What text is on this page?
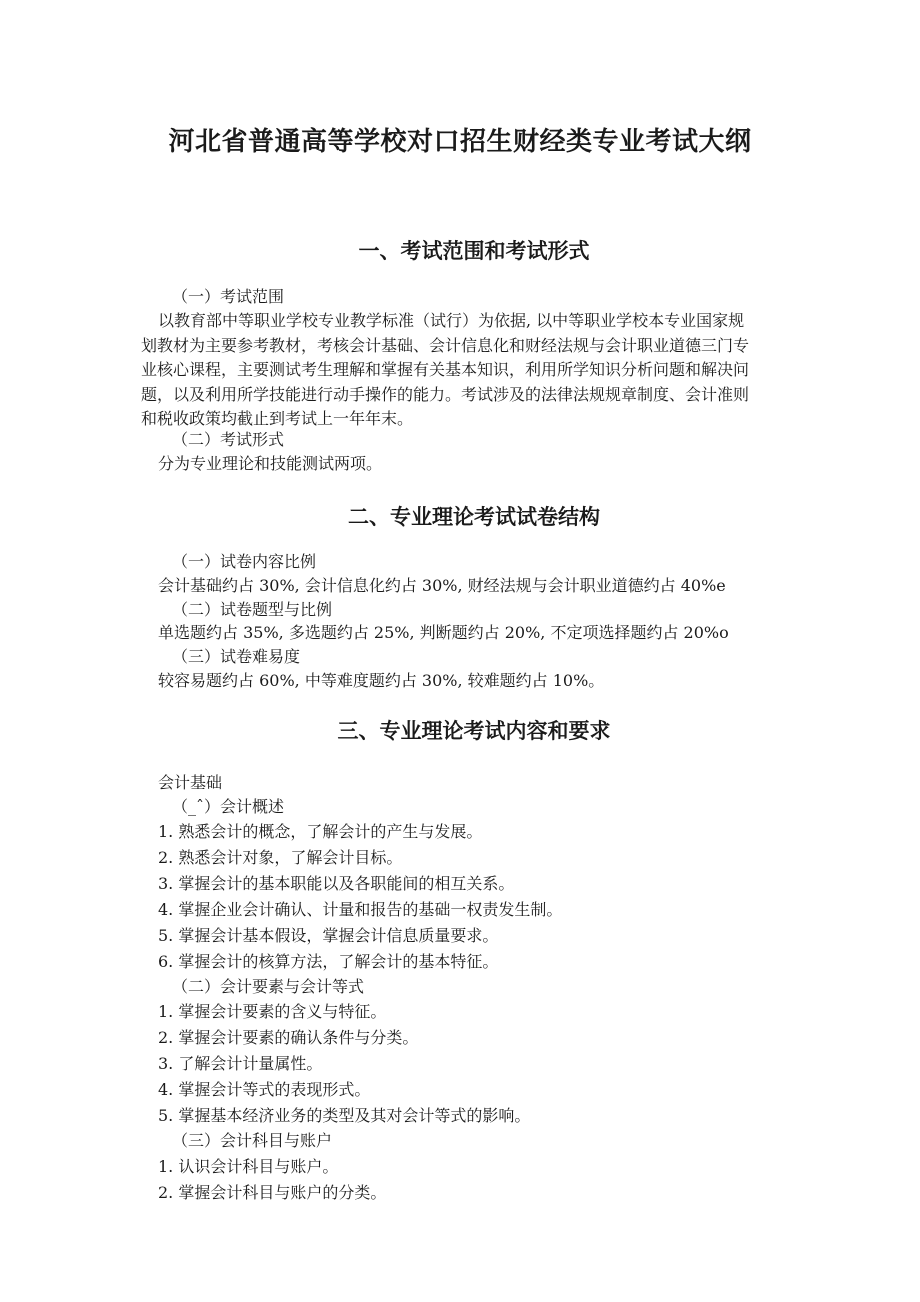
河北省普通高等学校对口招生财经类专业考试大纲
一、考试范围和考试形式

（一）考试范围

以教育部中等职业学校专业教学标准（试行）为依据, 以中等职业学校本专业国家规
划教材为主要参考教材，考核会计基础、会计信息化和财经法规与会计职业道德三门专
业核心课程，主要测试考生理解和掌握有关基本知识，利用所学知识分析问题和解决问
题，以及利用所学技能进行动手操作的能力。考试涉及的法律法规规章制度、会计准则
和税收政策均截止到考试上一年年末。

（二）考试形式

分为专业理论和技能测试两项。

二、专业理论考试试卷结构

（一）试卷内容比例

会计基础约占 30%, 会计信息化约占 30%, 财经法规与会计职业道德约占 40%e

（二）试卷题型与比例

单选题约占 35%, 多选题约占 25%, 判断题约占 20%, 不定项选择题约占 20%o

（三）试卷难易度

较容易题约占 60%, 中等难度题约占 30%, 较难题约占 10%。

三、专业理论考试内容和要求

会计基础

（_ˆ）会计概述

1. 熟悉会计的概念，了解会计的产生与发展。

2. 熟悉会计对象，了解会计目标。

3. 掌握会计的基本职能以及各职能间的相互关系。

4. 掌握企业会计确认、计量和报告的基础一权责发生制。

5. 掌握会计基本假设，掌握会计信息质量要求。

6. 掌握会计的核算方法，了解会计的基本特征。

（二）会计要素与会计等式

1. 掌握会计要素的含义与特征。

2. 掌握会计要素的确认条件与分类。

3. 了解会计计量属性。

4. 掌握会计等式的表现形式。

5. 掌握基本经济业务的类型及其对会计等式的影响。

（三）会计科目与账户

1. 认识会计科目与账户。

2. 掌握会计科目与账户的分类。
